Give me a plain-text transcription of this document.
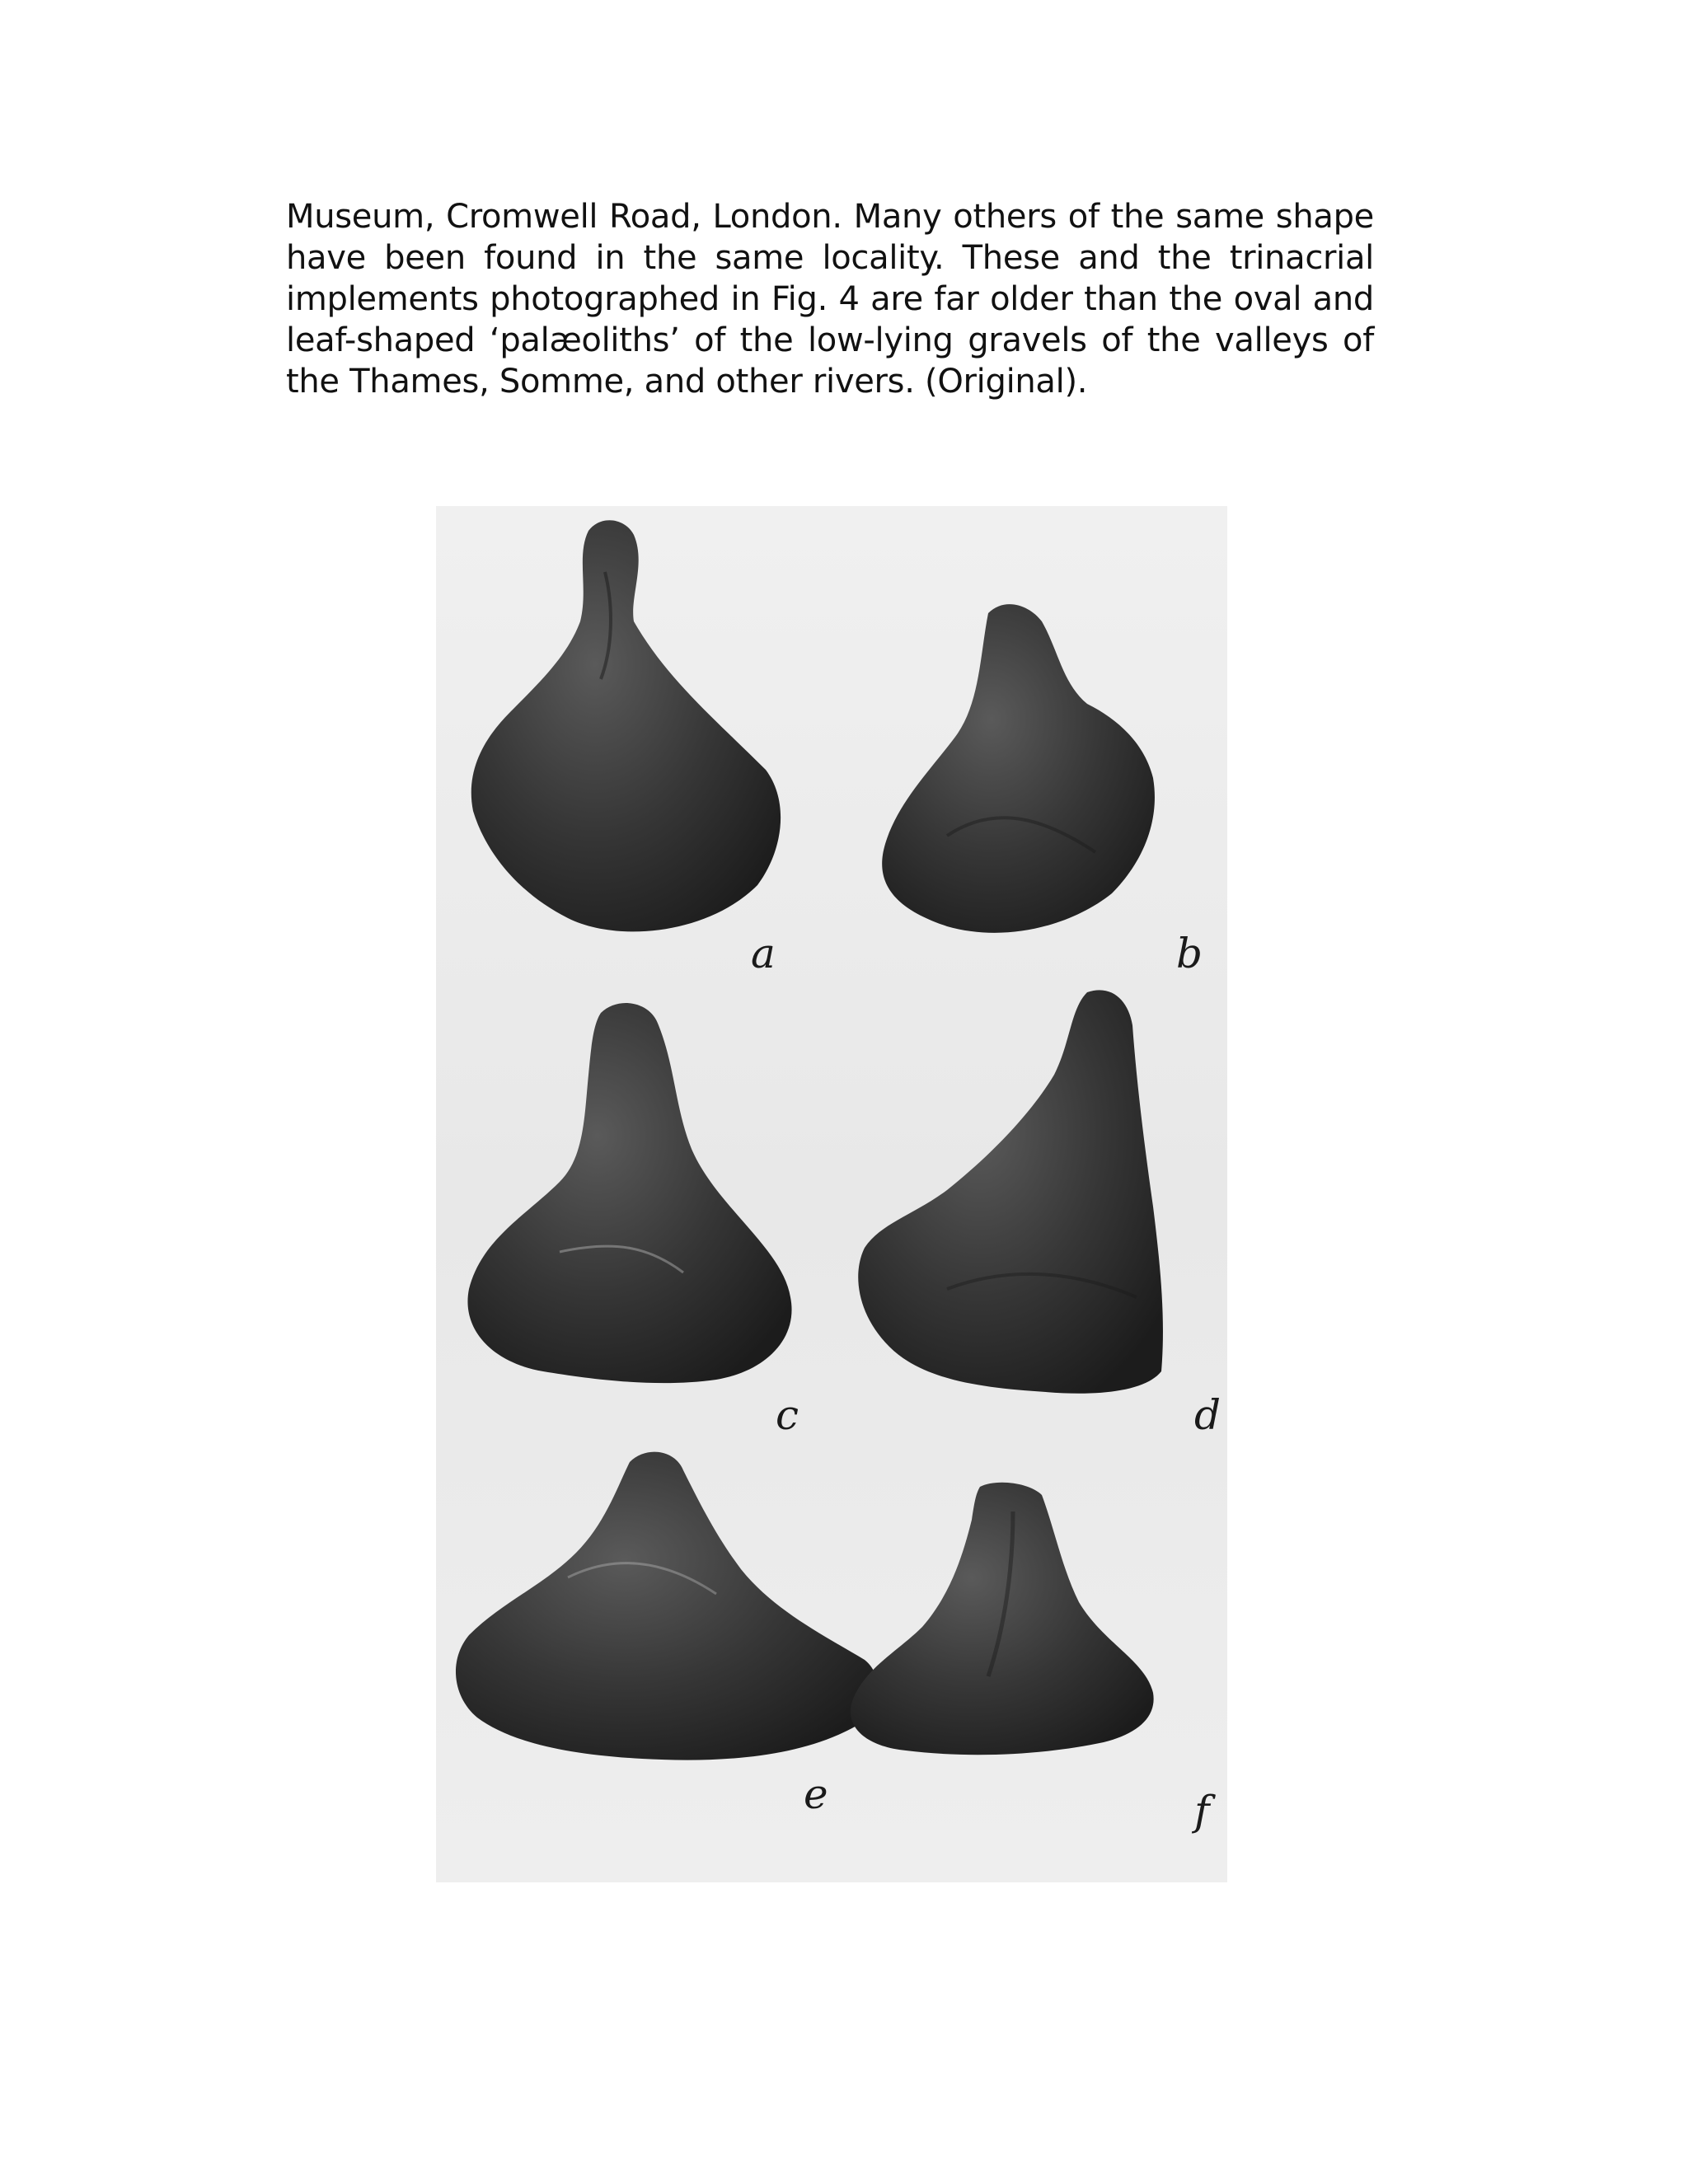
Museum, Cromwell Road, London. Many others of the same shape have been found in the same locality. These and the trinacrial implements photographed in Fig. 4 are far older than the oval and leaf-shaped ‘palæoliths’ of the low-lying gravels of the valleys of the Thames, Somme, and other rivers. (Original).

a	b
c	d
e	f
